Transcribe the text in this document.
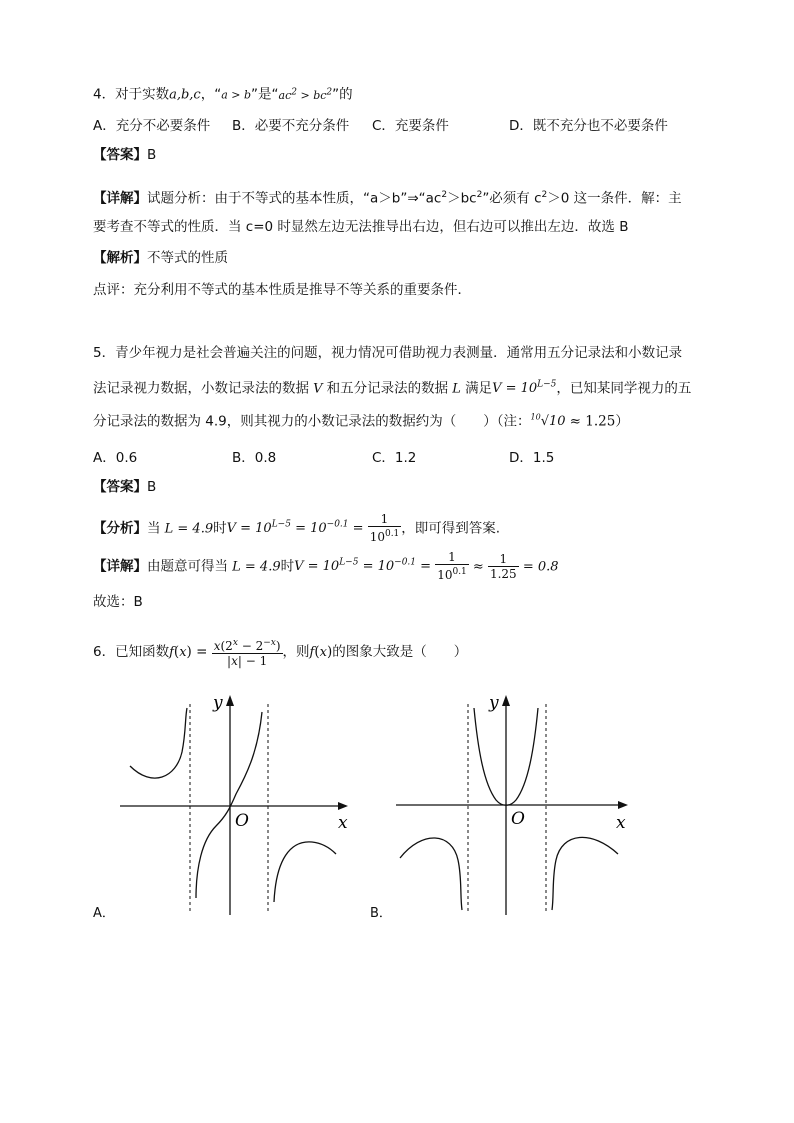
4．对于实数a,b,c，“a > b”是“$ac^2 > bc^2$”的
A．充分不必要条件 B．必要不充分条件 C．充要条件	D．既不充分也不必要条件
【答案】B
【详解】试题分析：由于不等式的基本性质，“$a>b”\Rightarrow“ac^2>bc^2$”必须有 $c^2>0$ 这一条件．解：主
要考查不等式的性质．当 c=0 时显然左边无法推导出右边，但右边可以推出左边．故选 B
【解析】不等式的性质
点评：充分利用不等式的基本性质是推导不等关系的重要条件．
5．青少年视力是社会普遍关注的问题，视力情况可借助视力表测量．通常用五分记录法和小数记录
法记录视力数据，小数记录法的数据 V 和五分记录法的数据 L 满足$V = 10^{L-5}$，已知某同学视力的五
分记录法的数据为 4.9，则其视力的小数记录法的数据约为（　　）（注：$^{10}$√10 ≈ 1.25）
A．0.6	B．0.8	C．1.2	D．1.5
【答案】B
【分析】当 L = 4.9时$V = 10^{L-5} = 10^{-0.1} = \frac{1}{10^{0.1}}$ ，即可得到答案.
【详解】由题意可得当 L = 4.9时$V = 10^{L-5} = 10^{-0.1} = \frac{1}{10^{0.1}} \approx \frac{1}{1.25} = 0.8$
故选：B
6．已知函数$f(x) = \frac{x(2^x - 2^{-x})}{|x| - 1}$ ，则f(x)的图象大致是（　　）
y
x
O
A．
y
x
O
B．
